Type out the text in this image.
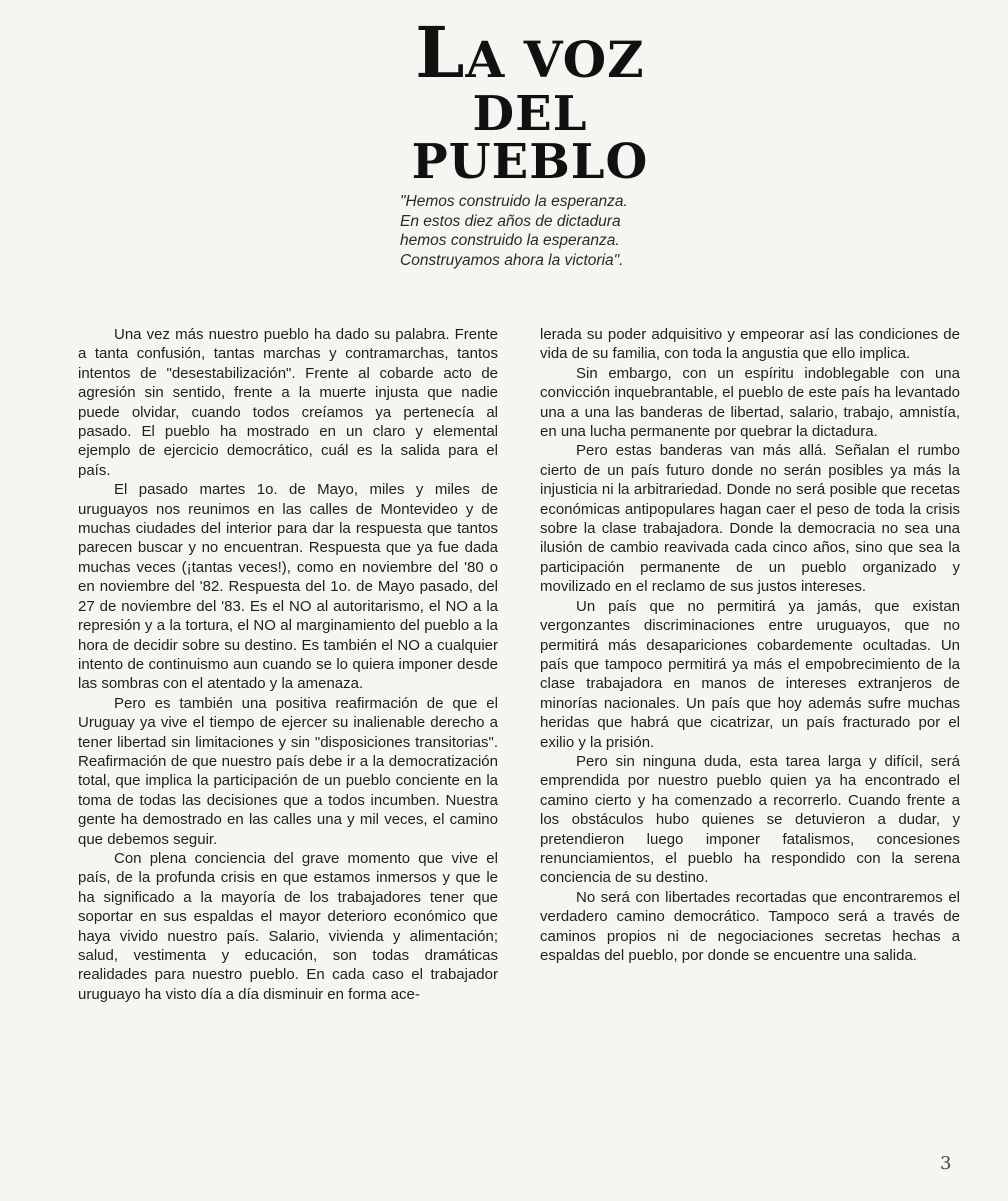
LA VOZ
DEL PUEBLO
"Hemos construido la esperanza.
En estos diez años de dictadura
hemos construido la esperanza.
Construyamos ahora la victoria".

Una vez más nuestro pueblo ha dado su palabra. Frente a tanta confusión, tantas marchas y contramarchas, tantos intentos de "desestabilización". Frente al cobarde acto de agresión sin sentido, frente a la muerte injusta que nadie puede olvidar, cuando todos creíamos ya pertenecía al pasado. El pueblo ha mostrado en un claro y elemental ejemplo de ejercicio democrático, cuál es la salida para el país.

El pasado martes 1o. de Mayo, miles y miles de uruguayos nos reunimos en las calles de Montevideo y de muchas ciudades del interior para dar la respuesta que tantos parecen buscar y no encuentran. Respuesta que ya fue dada muchas veces (¡tantas veces!), como en noviembre del '80 o en noviembre del '82. Respuesta del 1o. de Mayo pasado, del 27 de noviembre del '83. Es el NO al autoritarismo, el NO a la represión y a la tortura, el NO al marginamiento del pueblo a la hora de decidir sobre su destino. Es también el NO a cualquier intento de continuismo aun cuando se lo quiera imponer desde las sombras con el atentado y la amenaza.

Pero es también una positiva reafirmación de que el Uruguay ya vive el tiempo de ejercer su inalienable derecho a tener libertad sin limitaciones y sin "disposiciones transitorias". Reafirmación de que nuestro país debe ir a la democratización total, que implica la participación de un pueblo conciente en la toma de todas las decisiones que a todos incumben. Nuestra gente ha demostrado en las calles una y mil veces, el camino que debemos seguir.

Con plena conciencia del grave momento que vive el país, de la profunda crisis en que estamos inmersos y que le ha significado a la mayoría de los trabajadores tener que soportar en sus espaldas el mayor deterioro económico que haya vivido nuestro país. Salario, vivienda y alimentación; salud, vestimenta y educación, son todas dramáticas realidades para nuestro pueblo. En cada caso el trabajador uruguayo ha visto día a día disminuir en forma ace-

lerada su poder adquisitivo y empeorar así las condiciones de vida de su familia, con toda la angustia que ello implica.

Sin embargo, con un espíritu indoblegable con una convicción inquebrantable, el pueblo de este país ha levantado una a una las banderas de libertad, salario, trabajo, amnistía, en una lucha permanente por quebrar la dictadura.

Pero estas banderas van más allá. Señalan el rumbo cierto de un país futuro donde no serán posibles ya más la injusticia ni la arbitrariedad. Donde no será posible que recetas económicas antipopulares hagan caer el peso de toda la crisis sobre la clase trabajadora. Donde la democracia no sea una ilusión de cambio reavivada cada cinco años, sino que sea la participación permanente de un pueblo organizado y movilizado en el reclamo de sus justos intereses.

Un país que no permitirá ya jamás, que existan vergonzantes discriminaciones entre uruguayos, que no permitirá más desapariciones cobardemente ocultadas. Un país que tampoco permitirá ya más el empobrecimiento de la clase trabajadora en manos de intereses extranjeros de minorías nacionales. Un país que hoy además sufre muchas heridas que habrá que cicatrizar, un país fracturado por el exilio y la prisión.

Pero sin ninguna duda, esta tarea larga y difícil, será emprendida por nuestro pueblo quien ya ha encontrado el camino cierto y ha comenzado a recorrerlo. Cuando frente a los obstáculos hubo quienes se detuvieron a dudar, y pretendieron luego imponer fatalismos, concesiones renunciamientos, el pueblo ha respondido con la serena conciencia de su destino.

No será con libertades recortadas que encontraremos el verdadero camino democrático. Tampoco será a través de caminos propios ni de negociaciones secretas hechas a espaldas del pueblo, por donde se encuentre una salida.

3
